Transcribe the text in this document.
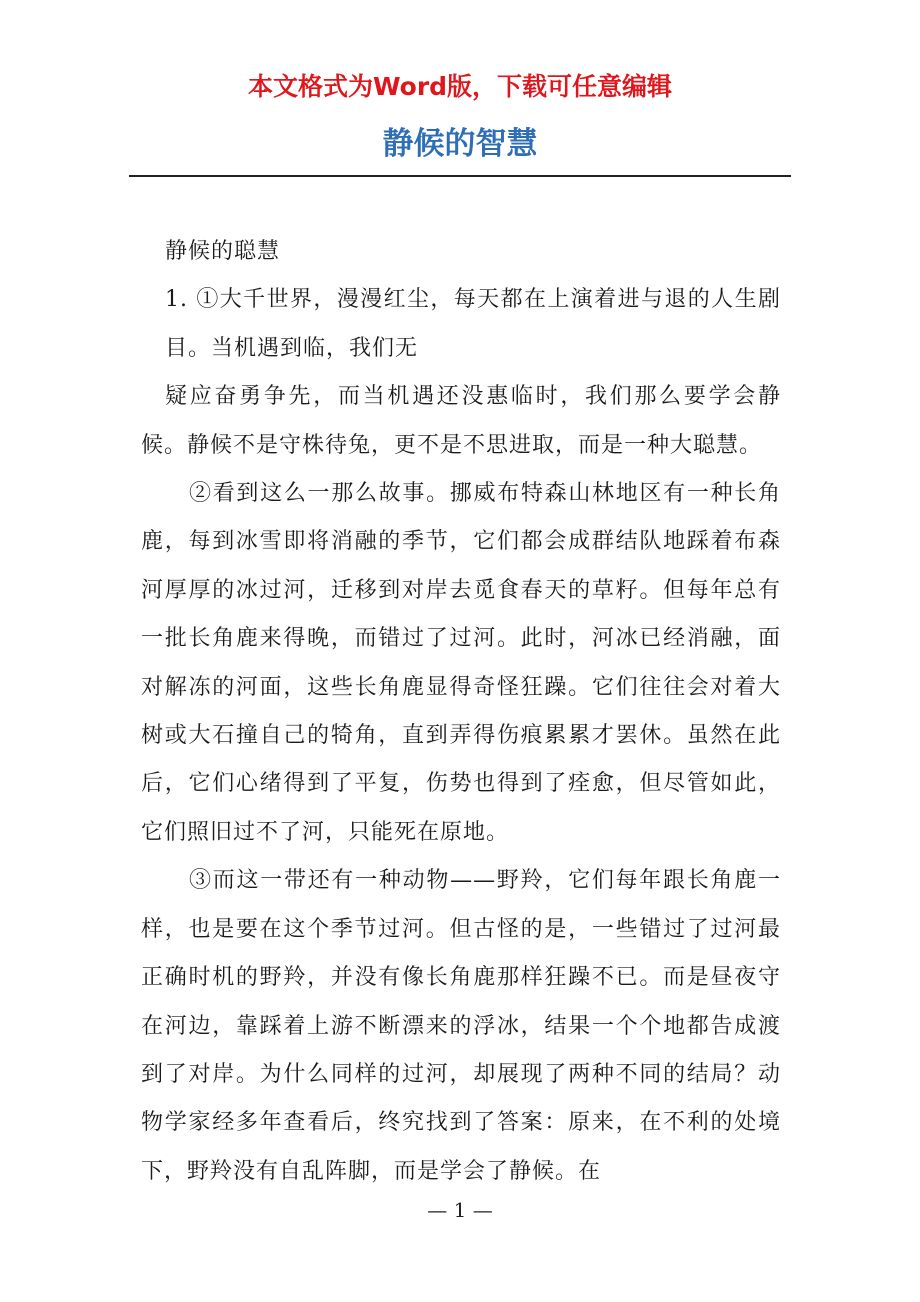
本文格式为Word版，下载可任意编辑
静候的智慧

静候的聪慧

1. ①大千世界，漫漫红尘，每天都在上演着进与退的人生剧目。当机遇到临，我们无

疑应奋勇争先，而当机遇还没惠临时，我们那么要学会静候。静候不是守株待兔，更不是不思进取，而是一种大聪慧。

②看到这么一那么故事。挪威布特森山林地区有一种长角鹿，每到冰雪即将消融的季节，它们都会成群结队地踩着布森河厚厚的冰过河，迁移到对岸去觅食春天的草籽。但每年总有一批长角鹿来得晚，而错过了过河。此时，河冰已经消融，面对解冻的河面，这些长角鹿显得奇怪狂躁。它们往往会对着大树或大石撞自己的犄角，直到弄得伤痕累累才罢休。虽然在此后，它们心绪得到了平复，伤势也得到了痊愈，但尽管如此，它们照旧过不了河，只能死在原地。

③而这一带还有一种动物——野羚，它们每年跟长角鹿一样，也是要在这个季节过河。但古怪的是，一些错过了过河最正确时机的野羚，并没有像长角鹿那样狂躁不已。而是昼夜守在河边，靠踩着上游不断漂来的浮冰，结果一个个地都告成渡到了对岸。为什么同样的过河，却展现了两种不同的结局？动物学家经多年查看后，终究找到了答案：原来，在不利的处境下，野羚没有自乱阵脚，而是学会了静候。在

— 1 —
